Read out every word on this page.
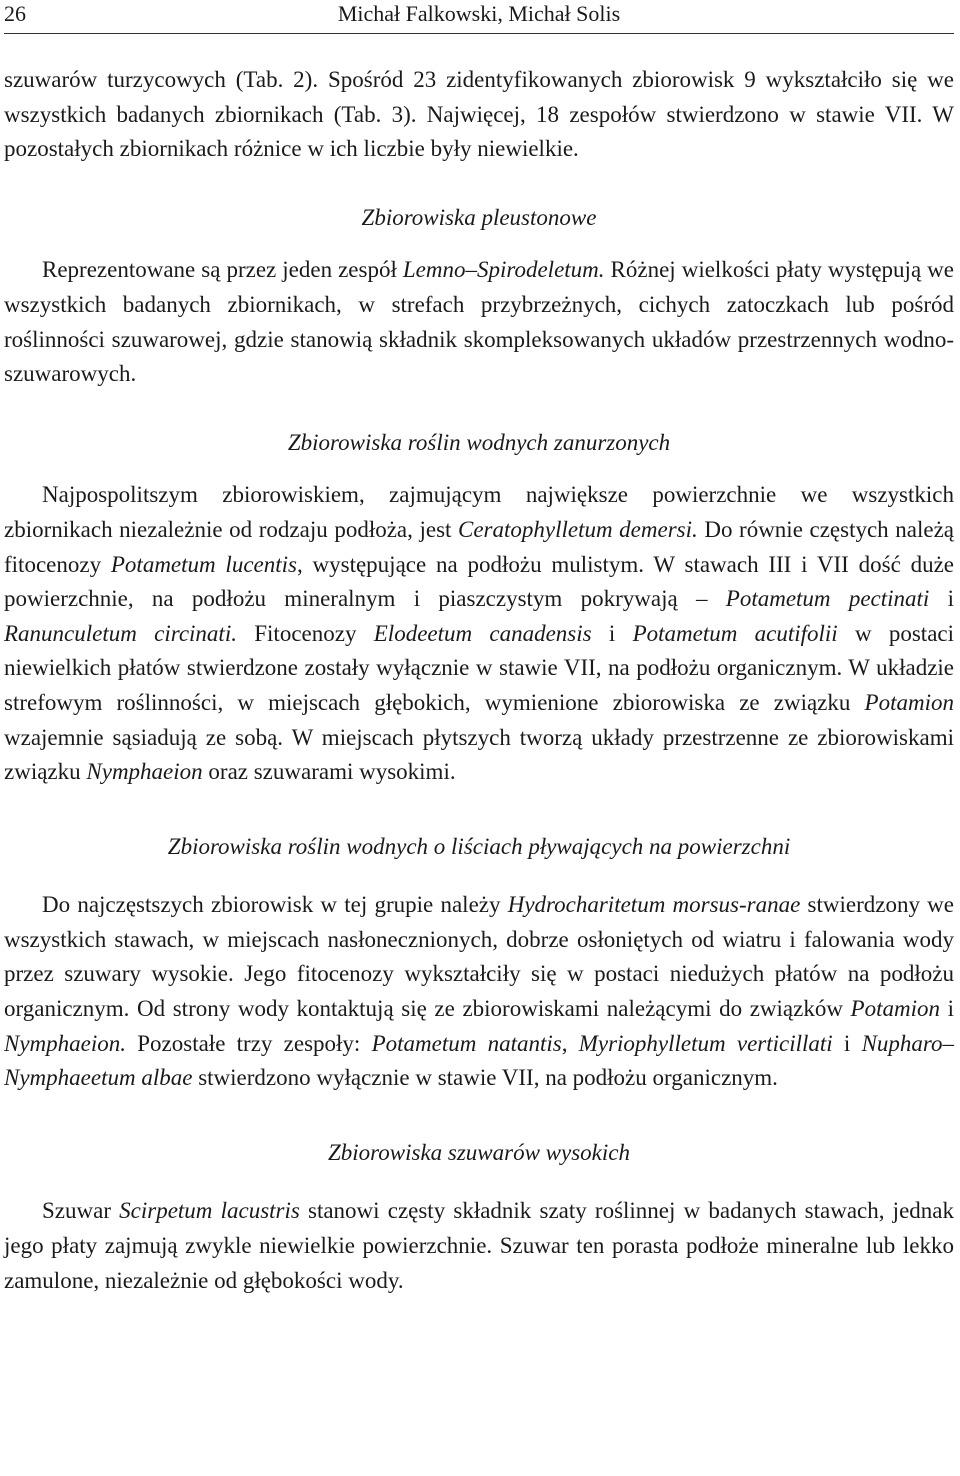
26	Michał Falkowski, Michał Solis

szuwarów turzycowych (Tab. 2). Spośród 23 zidentyfikowanych zbiorowisk 9 wykształciło się we wszystkich badanych zbiornikach (Tab. 3). Najwięcej, 18 zespołów stwierdzono w stawie VII. W pozostałych zbiornikach różnice w ich liczbie były niewielkie.

Zbiorowiska pleustonowe

Reprezentowane są przez jeden zespół Lemno–Spirodeletum. Różnej wielkości płaty występują we wszystkich badanych zbiornikach, w strefach przybrzeżnych, cichych zatoczkach lub pośród roślinności szuwarowej, gdzie stanowią składnik skompleksowanych układów przestrzennych wodno-szuwarowych.

Zbiorowiska roślin wodnych zanurzonych

Najpospolitszym zbiorowiskiem, zajmującym największe powierzchnie we wszystkich zbiornikach niezależnie od rodzaju podłoża, jest Ceratophylletum demersi. Do równie częstych należą fitocenozy Potametum lucentis, występujące na podłożu mulistym. W stawach III i VII dość duże powierzchnie, na podłożu mineralnym i piaszczystym pokrywają – Potametum pectinati i Ranunculetum circinati. Fitocenozy Elodeetum canadensis i Potametum acutifolii w postaci niewielkich płatów stwierdzone zostały wyłącznie w stawie VII, na podłożu organicznym. W układzie strefowym roślinności, w miejscach głębokich, wymienione zbiorowiska ze związku Potamion wzajemnie sąsiadują ze sobą. W miejscach płytszych tworzą układy przestrzenne ze zbiorowiskami związku Nymphaeion oraz szuwarami wysokimi.

Zbiorowiska roślin wodnych o liściach pływających na powierzchni

Do najczęstszych zbiorowisk w tej grupie należy Hydrocharitetum morsus-ranae stwierdzony we wszystkich stawach, w miejscach nasłonecznionych, dobrze osłoniętych od wiatru i falowania wody przez szuwary wysokie. Jego fitocenozy wykształciły się w postaci niedużych płatów na podłożu organicznym. Od strony wody kontaktują się ze zbiorowiskami należącymi do związków Potamion i Nymphaeion. Pozostałe trzy zespoły: Potametum natantis, Myriophylletum verticillati i Nupharo–Nymphaeetum albae stwierdzono wyłącznie w stawie VII, na podłożu organicznym.

Zbiorowiska szuwarów wysokich

Szuwar Scirpetum lacustris stanowi częsty składnik szaty roślinnej w badanych stawach, jednak jego płaty zajmują zwykle niewielkie powierzchnie. Szuwar ten porasta podłoże mineralne lub lekko zamulone, niezależnie od głębokości wody.
